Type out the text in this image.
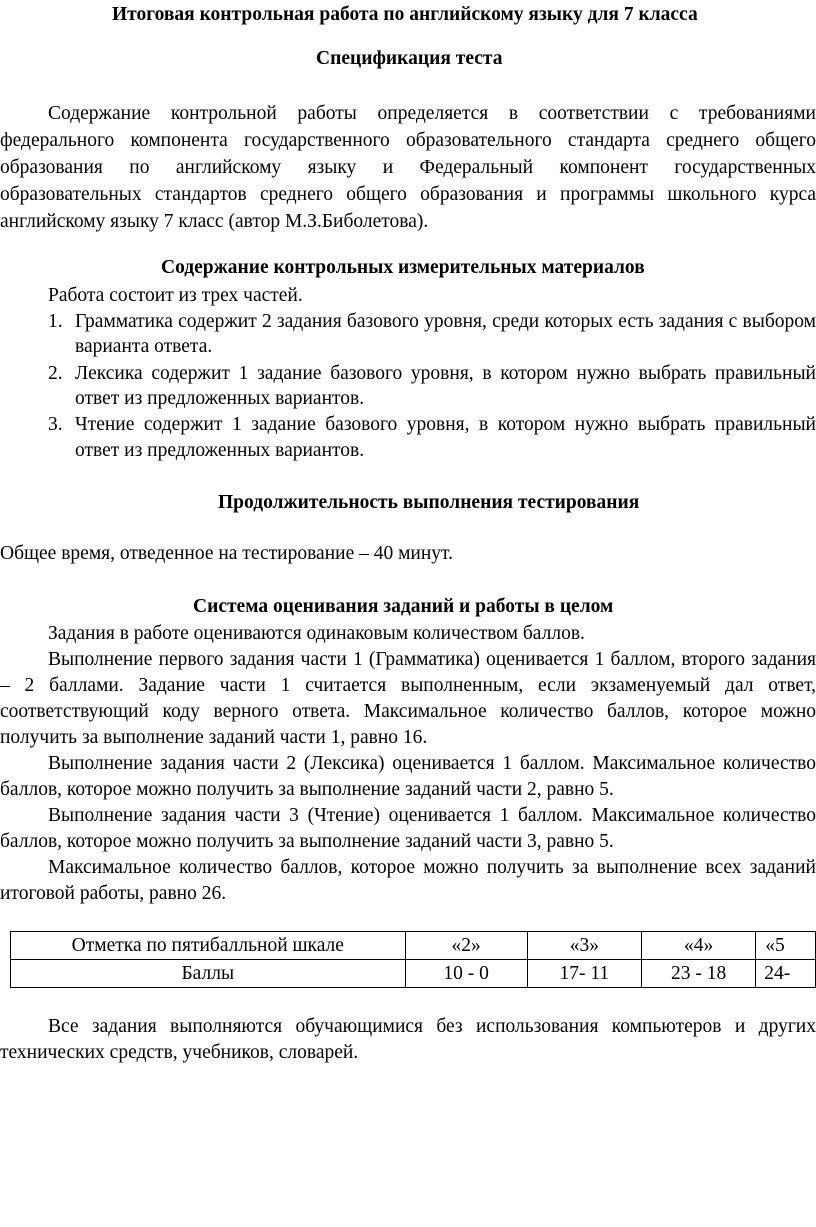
Итоговая контрольная работа по английскому языку для 7 класса
Спецификация теста
Содержание контрольной работы определяется в соответствии с требованиями
федерального компонента государственного образовательного стандарта среднего общего
образования по английскому языку и Федеральный компонент государственных
образовательных стандартов среднего общего образования и программы школьного курса
английскому языку 7 класс (автор М.З.Биболетова).
Содержание контрольных измерительных материалов
Работа состоит из трех частей.
1. Грамматика содержит 2 задания базового уровня, среди которых есть задания с выбором
варианта ответа.
2. Лексика содержит 1 задание базового уровня, в котором нужно выбрать правильный
ответ из предложенных вариантов.
3. Чтение содержит 1 задание базового уровня, в котором нужно выбрать правильный
ответ из предложенных вариантов.
Продолжительность выполнения тестирования
Общее время, отведенное на тестирование – 40 минут.
Система оценивания заданий и работы в целом
Задания в работе оцениваются одинаковым количеством баллов.
Выполнение первого задания части 1 (Грамматика) оценивается 1 баллом, второго задания
– 2 баллами. Задание части 1 считается выполненным, если экзаменуемый дал ответ,
соответствующий коду верного ответа. Максимальное количество баллов, которое можно
получить за выполнение заданий части 1, равно 16.
Выполнение задания части 2 (Лексика) оценивается 1 баллом. Максимальное количество
баллов, которое можно получить за выполнение заданий части 2, равно 5.
Выполнение задания части 3 (Чтение) оценивается 1 баллом. Максимальное количество
баллов, которое можно получить за выполнение заданий части 3, равно 5.
Максимальное количество баллов, которое можно получить за выполнение всех заданий
итоговой работы, равно 26.
Отметка по пятибалльной шкале	«2»	«3»	«4»	«5
Баллы	10 - 0	17- 11	23 - 18	24-
Все задания выполняются обучающимися без использования компьютеров и других
технических средств, учебников, словарей.
